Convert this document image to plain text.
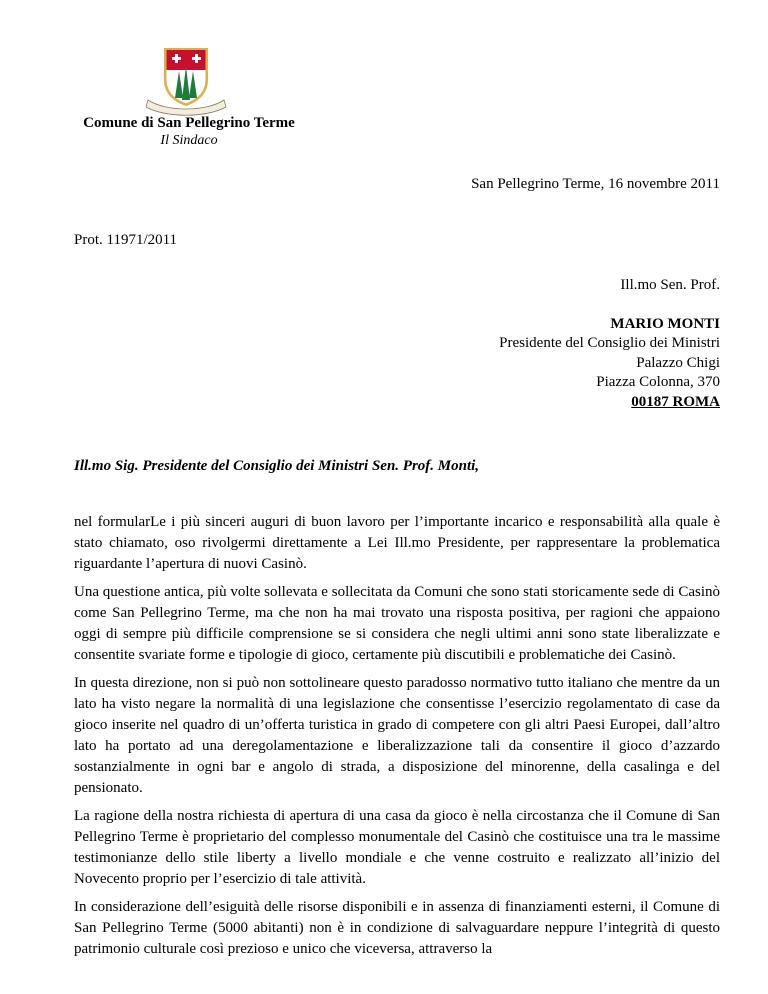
Comune di San Pellegrino Terme
Il Sindaco
San Pellegrino Terme, 16 novembre 2011
Prot. 11971/2011
Ill.mo Sen. Prof.
MARIO MONTI
Presidente del Consiglio dei Ministri
Palazzo Chigi
Piazza Colonna, 370
00187 ROMA
Ill.mo Sig. Presidente del Consiglio dei Ministri Sen. Prof. Monti,

nel formularLe i più sinceri auguri di buon lavoro per l’importante incarico e responsabilità alla quale è stato chiamato, oso rivolgermi direttamente a Lei Ill.mo Presidente, per rappresentare la problematica riguardante l’apertura di nuovi Casinò.

Una questione antica, più volte sollevata e sollecitata da Comuni che sono stati storicamente sede di Casinò come San Pellegrino Terme, ma che non ha mai trovato una risposta positiva, per ragioni che appaiono oggi di sempre più difficile comprensione se si considera che negli ultimi anni sono state liberalizzate e consentite svariate forme e tipologie di gioco, certamente più discutibili e problematiche dei Casinò.

In questa direzione, non si può non sottolineare questo paradosso normativo tutto italiano che mentre da un lato ha visto negare la normalità di una legislazione che consentisse l’esercizio regolamentato di case da gioco inserite nel quadro di un’offerta turistica in grado di competere con gli altri Paesi Europei, dall’altro lato ha portato ad una deregolamentazione e liberalizzazione tali da consentire il gioco d’azzardo sostanzialmente in ogni bar e angolo di strada, a disposizione del minorenne, della casalinga e del pensionato.

La ragione della nostra richiesta di apertura di una casa da gioco è nella circostanza che il Comune di San Pellegrino Terme è proprietario del complesso monumentale del Casinò che costituisce una tra le massime testimonianze dello stile liberty a livello mondiale e che venne costruito e realizzato all’inizio del Novecento proprio per l’esercizio di tale attività.

In considerazione dell’esiguità delle risorse disponibili e in assenza di finanziamenti esterni, il Comune di San Pellegrino Terme (5000 abitanti) non è in condizione di salvaguardare neppure l’integrità di questo patrimonio culturale così prezioso e unico che viceversa, attraverso la
